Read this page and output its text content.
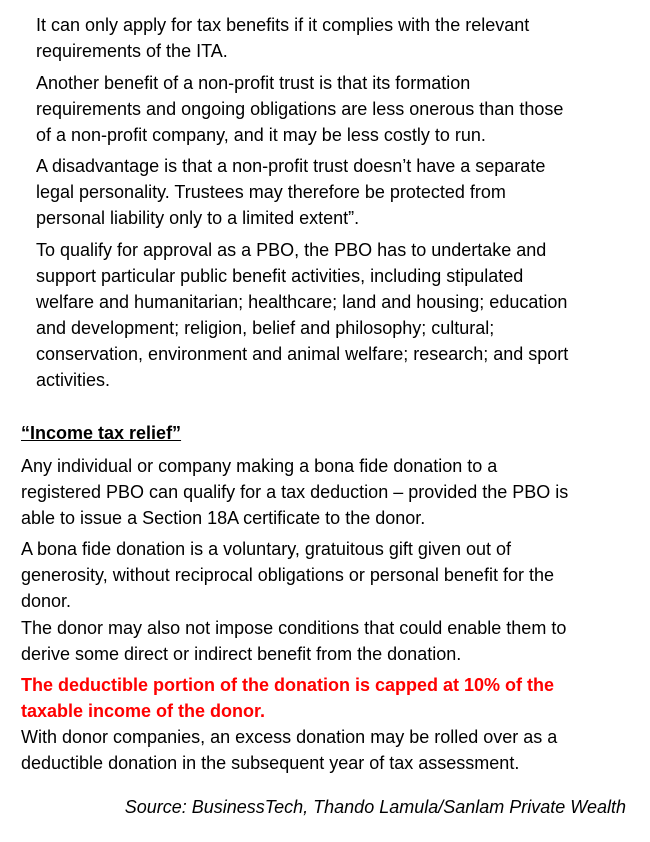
It can only apply for tax benefits if it complies with the relevant
requirements of the ITA.
Another benefit of a non-profit trust is that its formation
requirements and ongoing obligations are less onerous than those
of a non-profit company, and it may be less costly to run.
A disadvantage is that a non-profit trust doesn’t have a separate
legal personality. Trustees may therefore be protected from
personal liability only to a limited extent”.
To qualify for approval as a PBO, the PBO has to undertake and
support particular public benefit activities, including stipulated
welfare and humanitarian; healthcare; land and housing; education
and development; religion, belief and philosophy; cultural;
conservation, environment and animal welfare; research; and sport
activities.
“Income tax relief”
Any individual or company making a bona fide donation to a
registered PBO can qualify for a tax deduction – provided the PBO is
able to issue a Section 18A certificate to the donor.
A bona fide donation is a voluntary, gratuitous gift given out of
generosity, without reciprocal obligations or personal benefit for the
donor.
The donor may also not impose conditions that could enable them to
derive some direct or indirect benefit from the donation.
The deductible portion of the donation is capped at 10% of the
taxable income of the donor.
With donor companies, an excess donation may be rolled over as a
deductible donation in the subsequent year of tax assessment.
Source: BusinessTech, Thando Lamula/Sanlam Private Wealth
